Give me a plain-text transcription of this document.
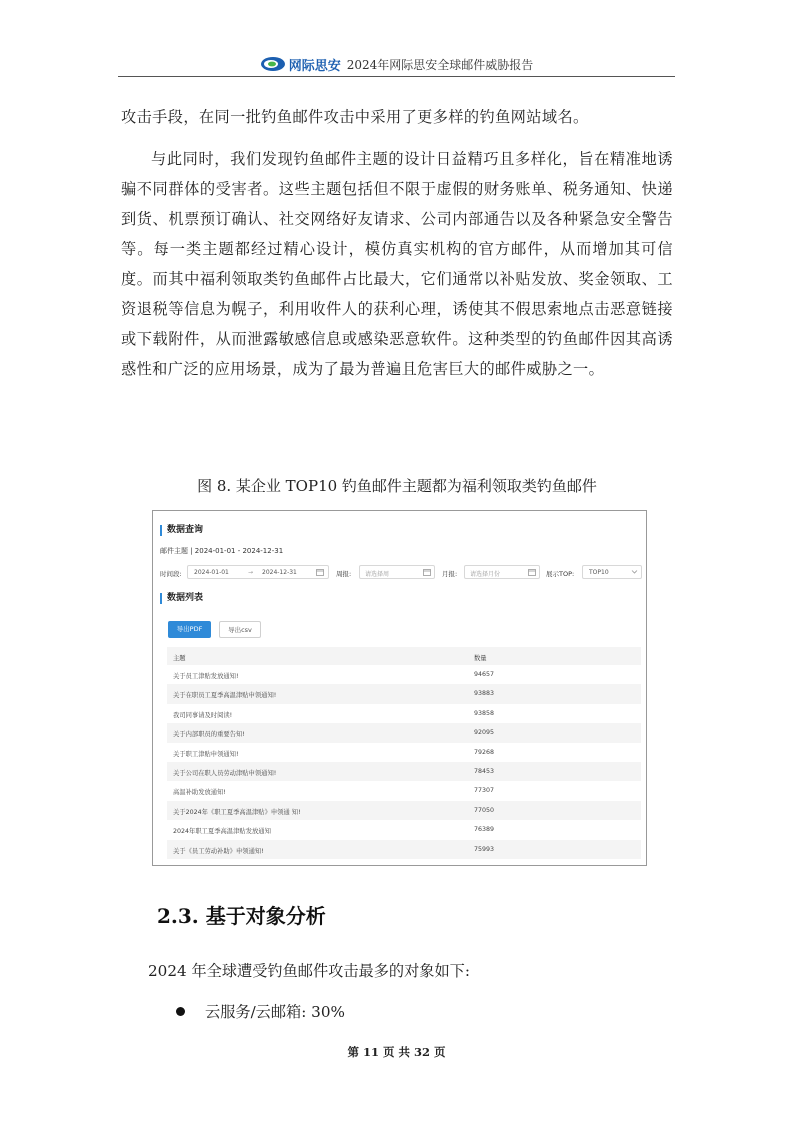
网际思安 2024年网际思安全球邮件威胁报告

攻击手段，在同一批钓鱼邮件攻击中采用了更多样的钓鱼网站域名。

与此同时，我们发现钓鱼邮件主题的设计日益精巧且多样化，旨在精准地诱骗不同群体的受害者。这些主题包括但不限于虚假的财务账单、税务通知、快递到货、机票预订确认、社交网络好友请求、公司内部通告以及各种紧急安全警告等。每一类主题都经过精心设计，模仿真实机构的官方邮件，从而增加其可信度。而其中福利领取类钓鱼邮件占比最大，它们通常以补贴发放、奖金领取、工资退税等信息为幌子，利用收件人的获利心理，诱使其不假思索地点击恶意链接或下载附件，从而泄露敏感信息或感染恶意软件。这种类型的钓鱼邮件因其高诱惑性和广泛的应用场景，成为了最为普遍且危害巨大的邮件威胁之一。

图 8. 某企业 TOP10 钓鱼邮件主题都为福利领取类钓鱼邮件
数据查询
邮件主题 | 2024-01-01 - 2024-12-31
时间段: 2024-01-01	→ 2024-12-31	周报: 请选择周	月报: 请选择月份	展示TOP: TOP10
数据列表
导出PDF	导出csv
主题	数量
关于员工津贴发放通知!	94657
关于在职员工夏季高温津贴申领通知!	93883
我司同事请及时阅读!	93858
关于内部职员的重要告知!	92095
关于职工津贴申领通知!	79268
关于公司在职人员劳动津贴申领通知!	78453
高温补助发放通知!	77307
关于2024年《职工夏季高温津贴》申领通 知!	77050
2024年职工夏季高温津贴发放通知	76389
关于《员工劳动补助》申领通知!	75993
2.3. 基于对象分析

2024 年全球遭受钓鱼邮件攻击最多的对象如下:

云服务/云邮箱: 30%
第 11 页 共 32 页
